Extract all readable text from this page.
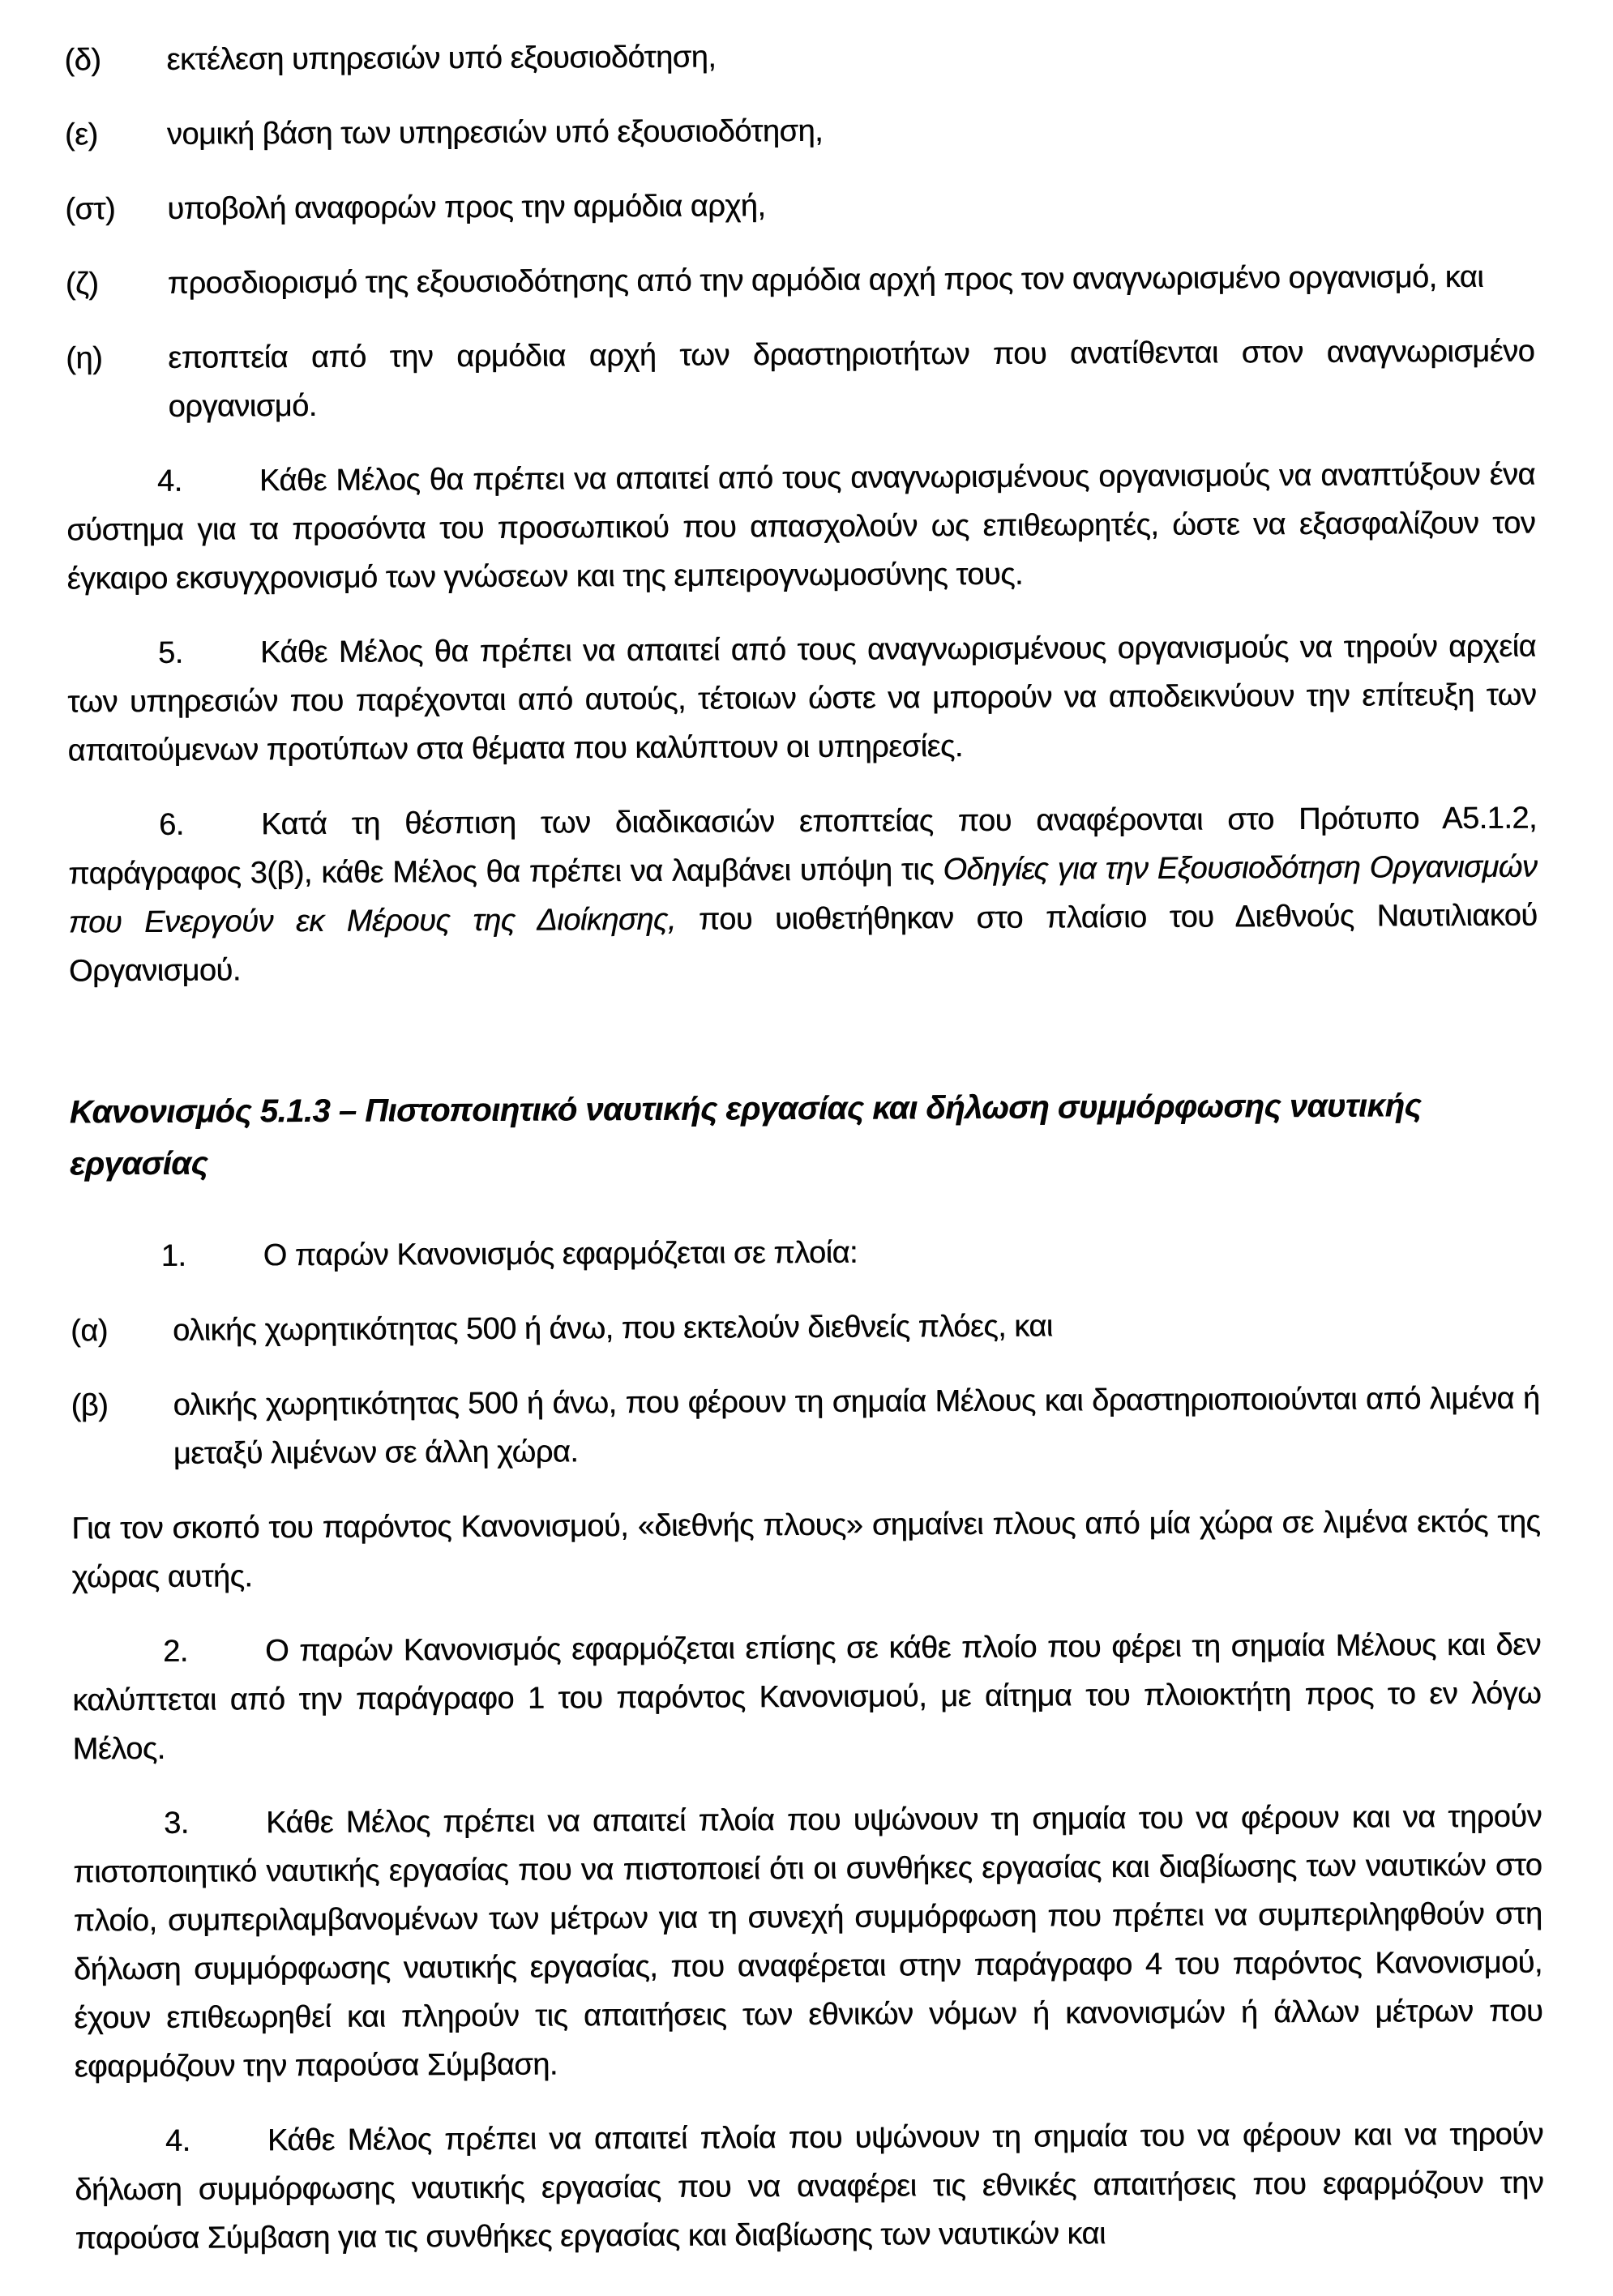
(δ) εκτέλεση υπηρεσιών υπό εξουσιοδότηση,
(ε) νομική βάση των υπηρεσιών υπό εξουσιοδότηση,
(στ) υποβολή αναφορών προς την αρμόδια αρχή,
(ζ) προσδιορισμό της εξουσιοδότησης από την αρμόδια αρχή προς τον αναγνωρισμένο οργανισμό, και
(η) εποπτεία από την αρμόδια αρχή των δραστηριοτήτων που ανατίθενται στον αναγνωρισμένο οργανισμό.

4.	Κάθε Μέλος θα πρέπει να απαιτεί από τους αναγνωρισμένους οργανισμούς να αναπτύξουν ένα σύστημα για τα προσόντα του προσωπικού που απασχολούν ως επιθεωρητές, ώστε να εξασφαλίζουν τον έγκαιρο εκσυγχρονισμό των γνώσεων και της εμπειρογνωμοσύνης τους.

5.	Κάθε Μέλος θα πρέπει να απαιτεί από τους αναγνωρισμένους οργανισμούς να τηρούν αρχεία των υπηρεσιών που παρέχονται από αυτούς, τέτοιων ώστε να μπορούν να αποδεικνύουν την επίτευξη των απαιτούμενων προτύπων στα θέματα που καλύπτουν οι υπηρεσίες.

6.	Κατά τη θέσπιση των διαδικασιών εποπτείας που αναφέρονται στο Πρότυπο Α5.1.2, παράγραφος 3(β), κάθε Μέλος θα πρέπει να λαμβάνει υπόψη τις Οδηγίες για την Εξουσιοδότηση Οργανισμών που Ενεργούν εκ Μέρους της Διοίκησης, που υιοθετήθηκαν στο πλαίσιο του Διεθνούς Ναυτιλιακού Οργανισμού.

Κανονισμός 5.1.3 – Πιστοποιητικό ναυτικής εργασίας και δήλωση συμμόρφωσης ναυτικής εργασίας

1.	Ο παρών Κανονισμός εφαρμόζεται σε πλοία:

(α) ολικής χωρητικότητας 500 ή άνω, που εκτελούν διεθνείς πλόες, και
(β) ολικής χωρητικότητας 500 ή άνω, που φέρουν τη σημαία Μέλους και δραστηριοποιούνται από λιμένα ή μεταξύ λιμένων σε άλλη χώρα.

Για τον σκοπό του παρόντος Κανονισμού, «διεθνής πλους» σημαίνει πλους από μία χώρα σε λιμένα εκτός της χώρας αυτής.

2.	Ο παρών Κανονισμός εφαρμόζεται επίσης σε κάθε πλοίο που φέρει τη σημαία Μέλους και δεν καλύπτεται από την παράγραφο 1 του παρόντος Κανονισμού, με αίτημα του πλοιοκτήτη προς το εν λόγω Μέλος.

3.	Κάθε Μέλος πρέπει να απαιτεί πλοία που υψώνουν τη σημαία του να φέρουν και να τηρούν πιστοποιητικό ναυτικής εργασίας που να πιστοποιεί ότι οι συνθήκες εργασίας και διαβίωσης των ναυτικών στο πλοίο, συμπεριλαμβανομένων των μέτρων για τη συνεχή συμμόρφωση που πρέπει να συμπεριληφθούν στη δήλωση συμμόρφωσης ναυτικής εργασίας, που αναφέρεται στην παράγραφο 4 του παρόντος Κανονισμού, έχουν επιθεωρηθεί και πληρούν τις απαιτήσεις των εθνικών νόμων ή κανονισμών ή άλλων μέτρων που εφαρμόζουν την παρούσα Σύμβαση.

4.	Κάθε Μέλος πρέπει να απαιτεί πλοία που υψώνουν τη σημαία του να φέρουν και να τηρούν δήλωση συμμόρφωσης ναυτικής εργασίας που να αναφέρει τις εθνικές απαιτήσεις που εφαρμόζουν την παρούσα Σύμβαση για τις συνθήκες εργασίας και διαβίωσης των ναυτικών και
